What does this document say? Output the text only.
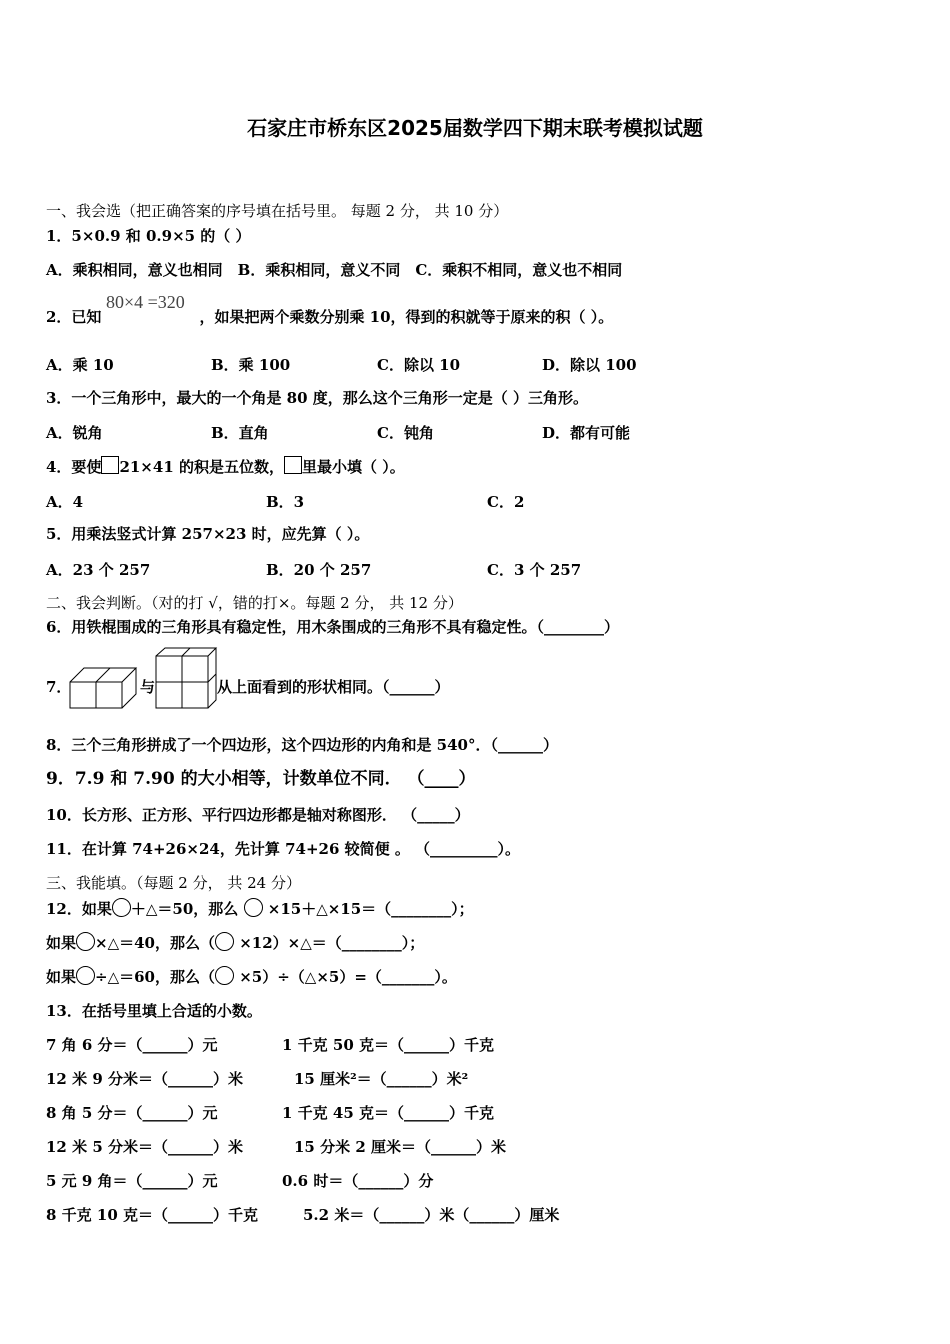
石家庄市桥东区2025届数学四下期末联考模拟试题
一、我会选（把正确答案的序号填在括号里。 每题 2 分， 共 10 分）
1．5×0.9 和 0.9×5 的（ ）
A．乘积相同，意义也相同　B．乘积相同，意义不同　C．乘积不相同，意义也不相同
2．已知	，如果把两个乘数分别乘 10，得到的积就等于原来的积（ ）。
80×4 =320
A．乘 10	B．乘 100	C．除以 10	D．除以 100
3．一个三角形中，最大的一个角是 80 度，那么这个三角形一定是（ ）三角形。
A．锐角	B．直角	C．钝角	D．都有可能
4．要使 21×41 的积是五位数， 里最小填（ ）。
A．4	B．3	C．2
5．用乘法竖式计算 257×23 时，应先算（ ）。
A．23 个 257	B．20 个 257	C．3 个 257
二、我会判断。（对的打 √，错的打×。每题 2 分， 共 12 分）
6．用铁棍围成的三角形具有稳定性，用木条围成的三角形不具有稳定性。（________）
7．	与	从上面看到的形状相同。（______）
8．三个三角形拼成了一个四边形，这个四边形的内角和是 540°．（______）
9．7.9 和 7.90 的大小相等，计数单位不同． （____）
10．长方形、正方形、平行四边形都是轴对称图形． （_____）
11．在计算 74+26×24，先计算 74+26 较简便 。 （_________）。
三、我能填。（每题 2 分， 共 24 分）
12．如果 ＋△＝50，那么  ×15＋△×15＝（________）；
如果 ×△＝40，那么（ ×12）×△＝（________）；
如果 ÷△＝60，那么（ ×5）÷（△×5）=（_______）。
13．在括号里填上合适的小数。
7 角 6 分＝（______）元	1 千克 50 克＝（______）千克
12 米 9 分米＝（______）米	15 厘米²＝（______）米²
8 角 5 分＝（______）元	1 千克 45 克＝（______）千克
12 米 5 分米＝（______）米	15 分米 2 厘米＝（______）米
5 元 9 角＝（______）元	0.6 时＝（______）分
8 千克 10 克＝（______）千克	5.2 米＝（______）米（______）厘米
